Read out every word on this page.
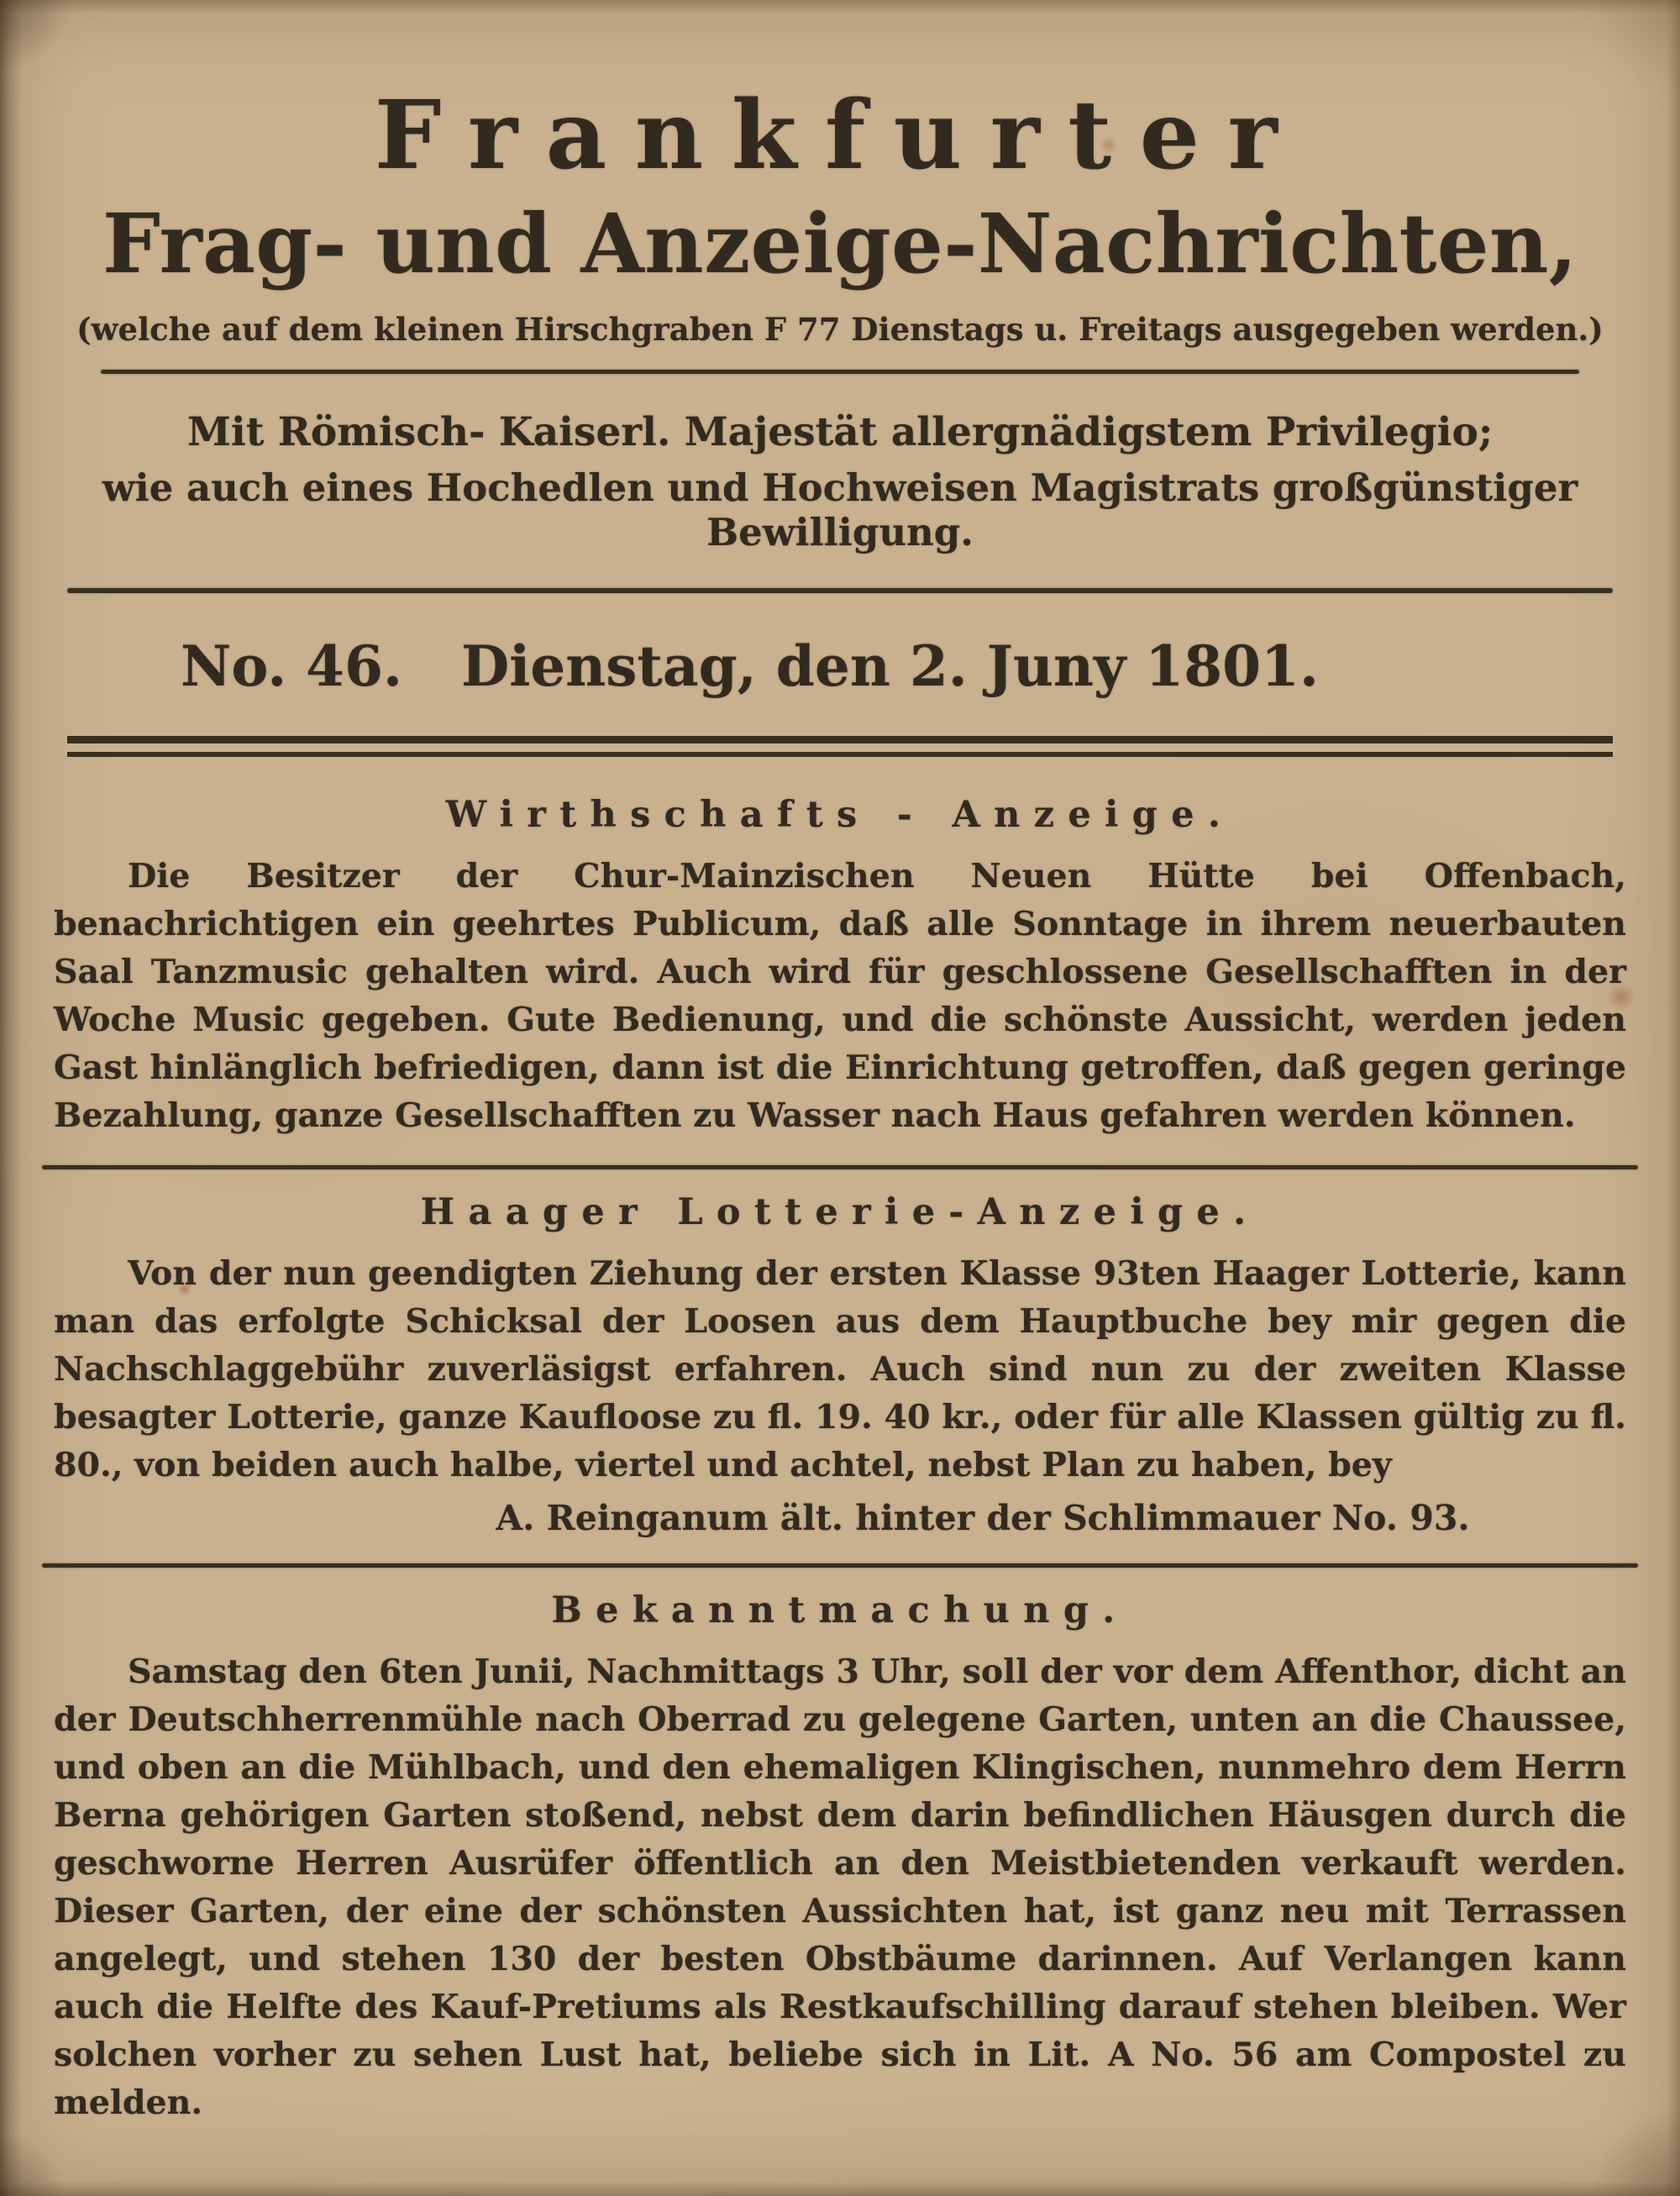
Frankfurter
Frag- und Anzeige-Nachrichten,

(welche auf dem kleinen Hirschgraben F 77 Dienstags u. Freitags ausgegeben werden.)

Mit Römisch- Kaiserl. Majestät allergnädigstem Privilegio;

wie auch eines Hochedlen und Hochweisen Magistrats großgünstiger Bewilligung.

No. 46. Dienstag, den 2. Juny 1801.

Wirthschafts - Anzeige.

Die Besitzer der Chur-Mainzischen Neuen Hütte bei Offenbach, benachrichtigen ein geehrtes Publicum, daß alle Sonntage in ihrem neuerbauten Saal Tanzmusic gehalten wird. Auch wird für geschlossene Gesellschafften in der Woche Music gegeben. Gute Bedienung, und die schönste Aussicht, werden jeden Gast hinlänglich befriedigen, dann ist die Einrichtung getroffen, daß gegen geringe Bezahlung, ganze Gesellschafften zu Wasser nach Haus gefahren werden können.

Haager Lotterie-Anzeige.

Von der nun geendigten Ziehung der ersten Klasse 93ten Haager Lotterie, kann man das erfolgte Schicksal der Loosen aus dem Hauptbuche bey mir gegen die Nachschlaggebühr zuverläsigst erfahren. Auch sind nun zu der zweiten Klasse besagter Lotterie, ganze Kaufloose zu fl. 19. 40 kr., oder für alle Klassen gültig zu fl. 80., von beiden auch halbe, viertel und achtel, nebst Plan zu haben, bey

A. Reinganum ält. hinter der Schlimmauer No. 93.

Bekanntmachung.

Samstag den 6ten Junii, Nachmittags 3 Uhr, soll der vor dem Affenthor, dicht an der Deutschherrenmühle nach Oberrad zu gelegene Garten, unten an die Chaussee, und oben an die Mühlbach, und den ehemaligen Klingischen, nunmehro dem Herrn Berna gehörigen Garten stoßend, nebst dem darin befindlichen Häusgen durch die geschworne Herren Ausrüfer öffentlich an den Meistbietenden verkauft werden. Dieser Garten, der eine der schönsten Aussichten hat, ist ganz neu mit Terrassen angelegt, und stehen 130 der besten Obstbäume darinnen. Auf Verlangen kann auch die Helfte des Kauf-Pretiums als Restkaufschilling darauf stehen bleiben. Wer solchen vorher zu sehen Lust hat, beliebe sich in Lit. A No. 56 am Compostel zu melden.
